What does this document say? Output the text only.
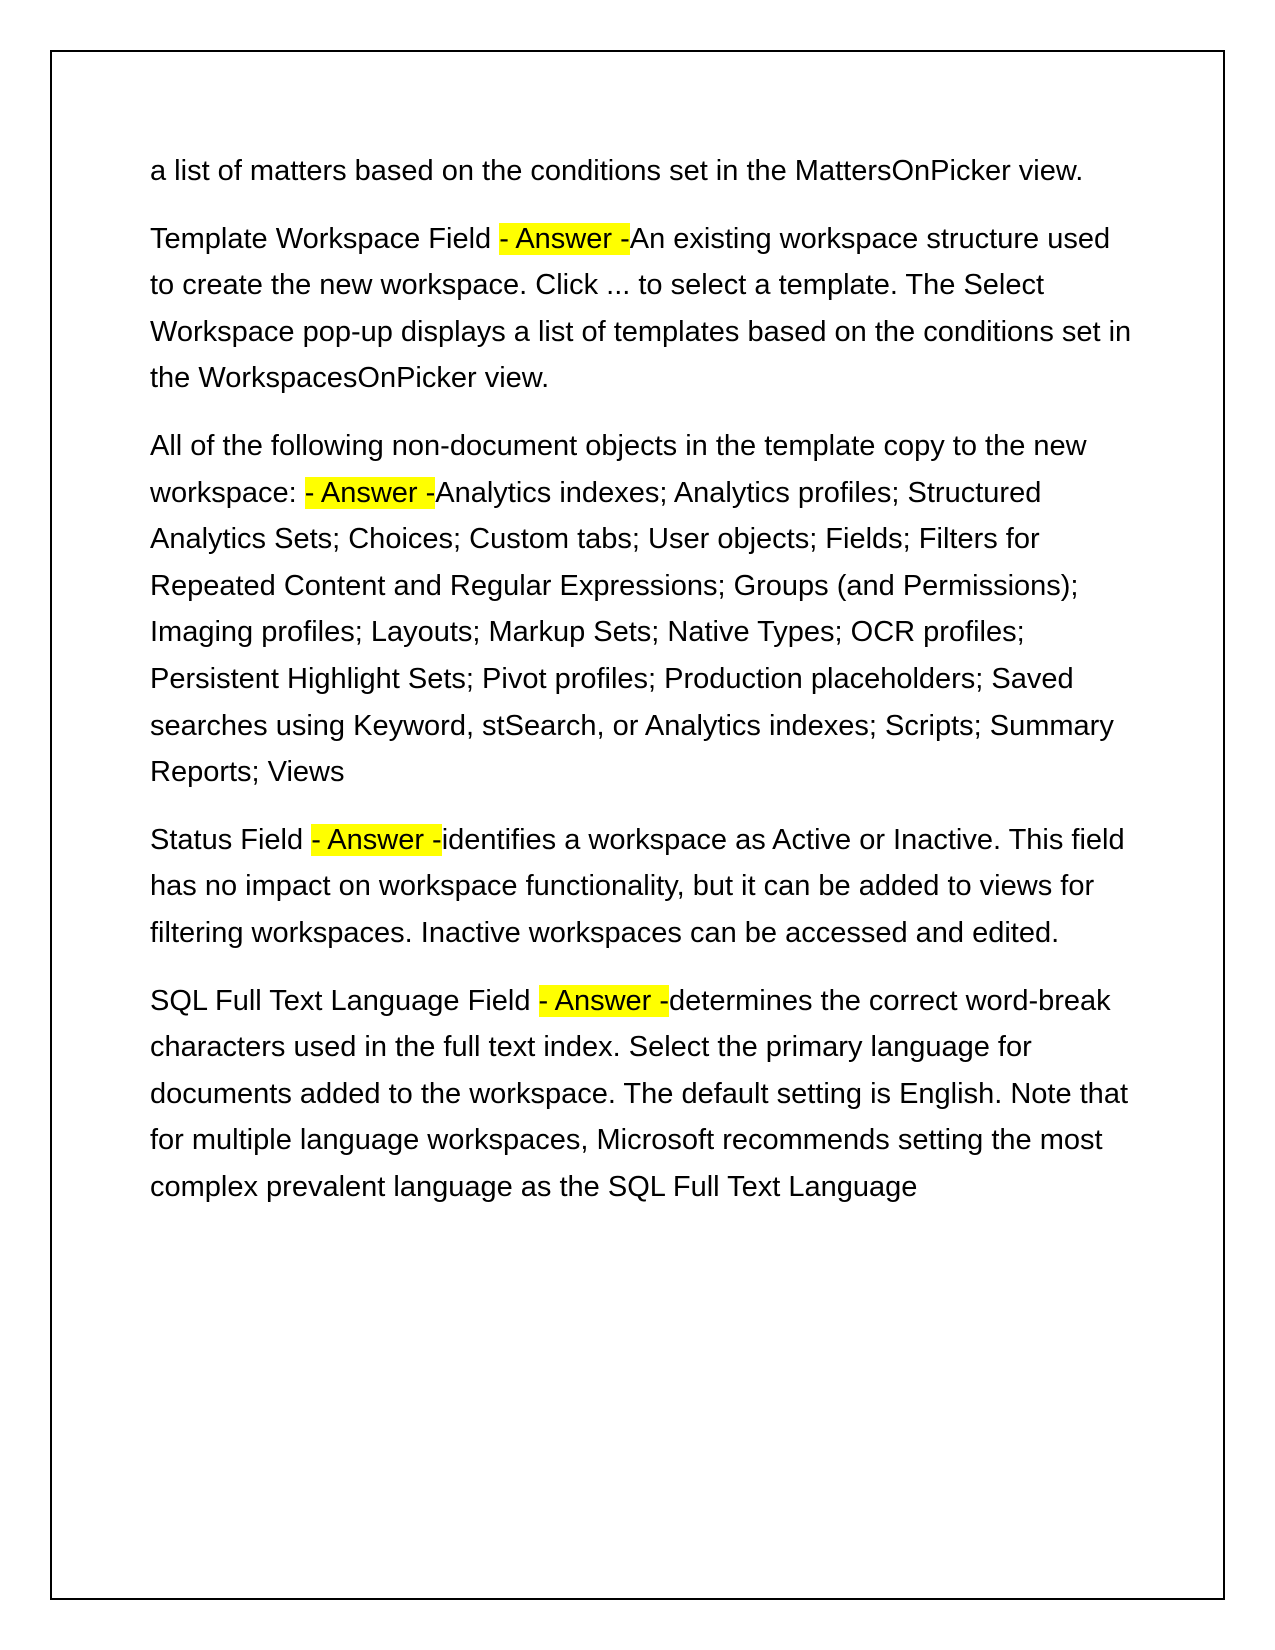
a list of matters based on the conditions set in the MattersOnPicker view.

Template Workspace Field - Answer -An existing workspace structure used to create the new workspace. Click ... to select a template. The Select Workspace pop-up displays a list of templates based on the conditions set in the WorkspacesOnPicker view.

All of the following non-document objects in the template copy to the new workspace: - Answer -Analytics indexes; Analytics profiles; Structured Analytics Sets; Choices; Custom tabs; User objects; Fields; Filters for Repeated Content and Regular Expressions; Groups (and Permissions); Imaging profiles; Layouts; Markup Sets; Native Types; OCR profiles; Persistent Highlight Sets; Pivot profiles; Production placeholders; Saved searches using Keyword, stSearch, or Analytics indexes; Scripts; Summary Reports; Views

Status Field - Answer -identifies a workspace as Active or Inactive. This field has no impact on workspace functionality, but it can be added to views for filtering workspaces. Inactive workspaces can be accessed and edited.

SQL Full Text Language Field - Answer -determines the correct word-break characters used in the full text index. Select the primary language for documents added to the workspace. The default setting is English. Note that for multiple language workspaces, Microsoft recommends setting the most complex prevalent language as the SQL Full Text Language
